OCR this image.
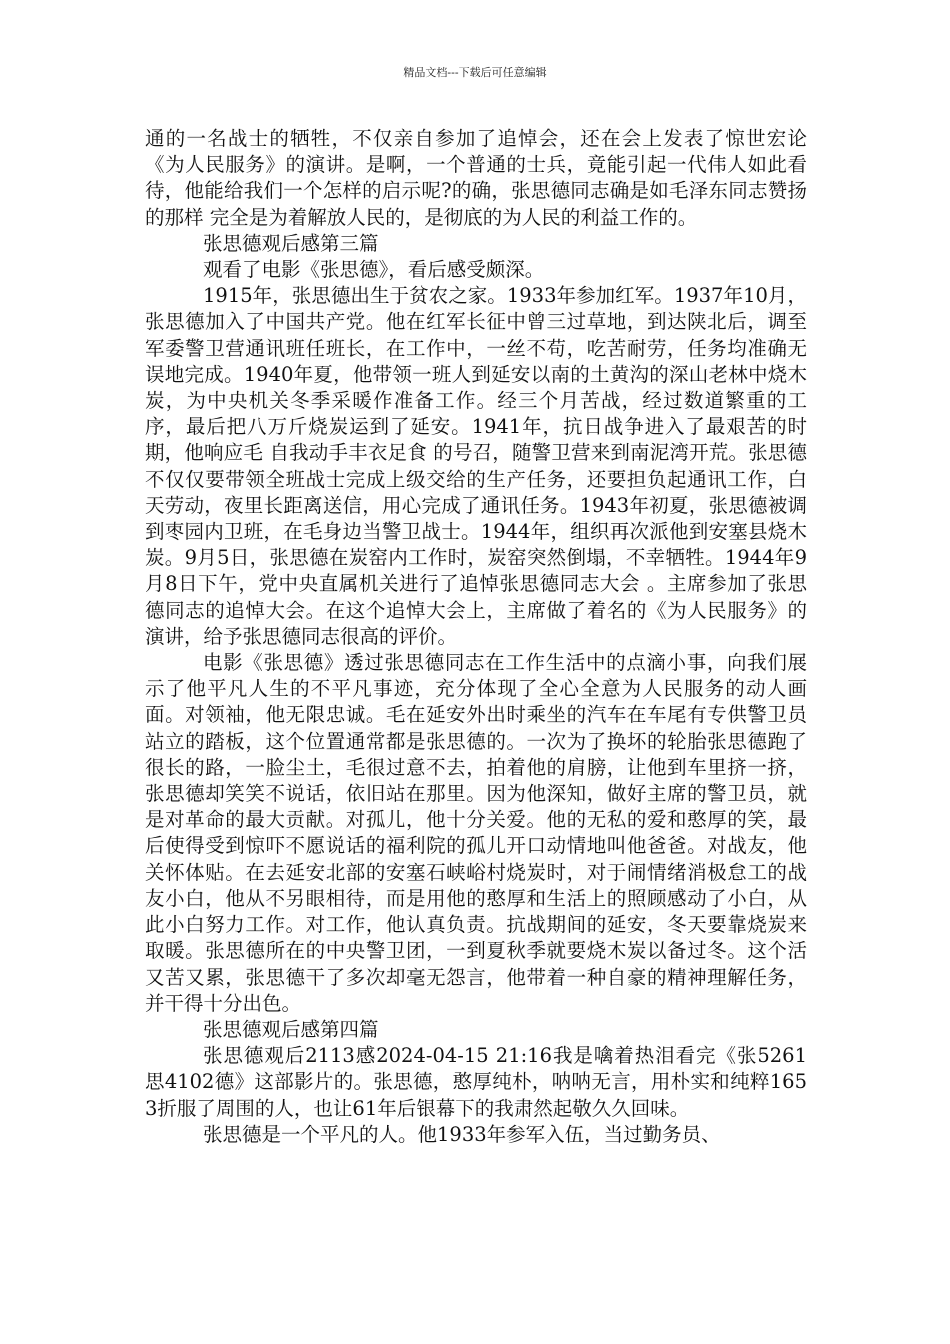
精品文档---下载后可任意编辑

通的一名战士的牺牲，不仅亲自参加了追悼会，还在会上发表了惊世宏论《为人民服务》的演讲。是啊，一个普通的士兵，竟能引起一代伟人如此看待，他能给我们一个怎样的启示呢?的确，张思德同志确是如毛泽东同志赞扬的那样 完全是为着解放人民的，是彻底的为人民的利益工作的。

张思德观后感第三篇

观看了电影《张思德》，看后感受颇深。

1915年，张思德出生于贫农之家。1933年参加红军。1937年10月，张思德加入了中国共产党。他在红军长征中曾三过草地，到达陕北后，调至军委警卫营通讯班任班长，在工作中，一丝不苟，吃苦耐劳，任务均准确无误地完成。1940年夏，他带领一班人到延安以南的土黄沟的深山老林中烧木炭，为中央机关冬季采暖作准备工作。经三个月苦战，经过数道繁重的工序，最后把八万斤烧炭运到了延安。1941年，抗日战争进入了最艰苦的时期，他响应毛 自我动手丰衣足食 的号召，随警卫营来到南泥湾开荒。张思德不仅仅要带领全班战士完成上级交给的生产任务，还要担负起通讯工作，白天劳动，夜里长距离送信，用心完成了通讯任务。1943年初夏，张思德被调到枣园内卫班，在毛身边当警卫战士。1944年，组织再次派他到安塞县烧木炭。9月5日，张思德在炭窑内工作时，炭窑突然倒塌，不幸牺牲。1944年9月8日下午，党中央直属机关进行了追悼张思德同志大会 。主席参加了张思德同志的追悼大会。在这个追悼大会上，主席做了着名的《为人民服务》的演讲，给予张思德同志很高的评价。

电影《张思德》透过张思德同志在工作生活中的点滴小事，向我们展示了他平凡人生的不平凡事迹，充分体现了全心全意为人民服务的动人画面。对领袖，他无限忠诚。毛在延安外出时乘坐的汽车在车尾有专供警卫员站立的踏板，这个位置通常都是张思德的。一次为了换坏的轮胎张思德跑了很长的路，一脸尘土，毛很过意不去，拍着他的肩膀，让他到车里挤一挤，张思德却笑笑不说话，依旧站在那里。因为他深知，做好主席的警卫员，就是对革命的最大贡献。对孤儿，他十分关爱。他的无私的爱和憨厚的笑，最后使得受到惊吓不愿说话的福利院的孤儿开口动情地叫他爸爸。对战友，他关怀体贴。在去延安北部的安塞石峡峪村烧炭时，对于闹情绪消极怠工的战友小白，他从不另眼相待，而是用他的憨厚和生活上的照顾感动了小白，从此小白努力工作。对工作，他认真负责。抗战期间的延安，冬天要靠烧炭来取暖。张思德所在的中央警卫团，一到夏秋季就要烧木炭以备过冬。这个活又苦又累，张思德干了多次却毫无怨言，他带着一种自豪的精神理解任务，并干得十分出色。

张思德观后感第四篇

张思德观后2113感2024-04-15 21:16我是噙着热泪看完《张5261思4102德》这部影片的。张思德，憨厚纯朴，呐呐无言，用朴实和纯粹1653折服了周围的人，也让61年后银幕下的我肃然起敬久久回味。

张思德是一个平凡的人。他1933年参军入伍，当过勤务员、
